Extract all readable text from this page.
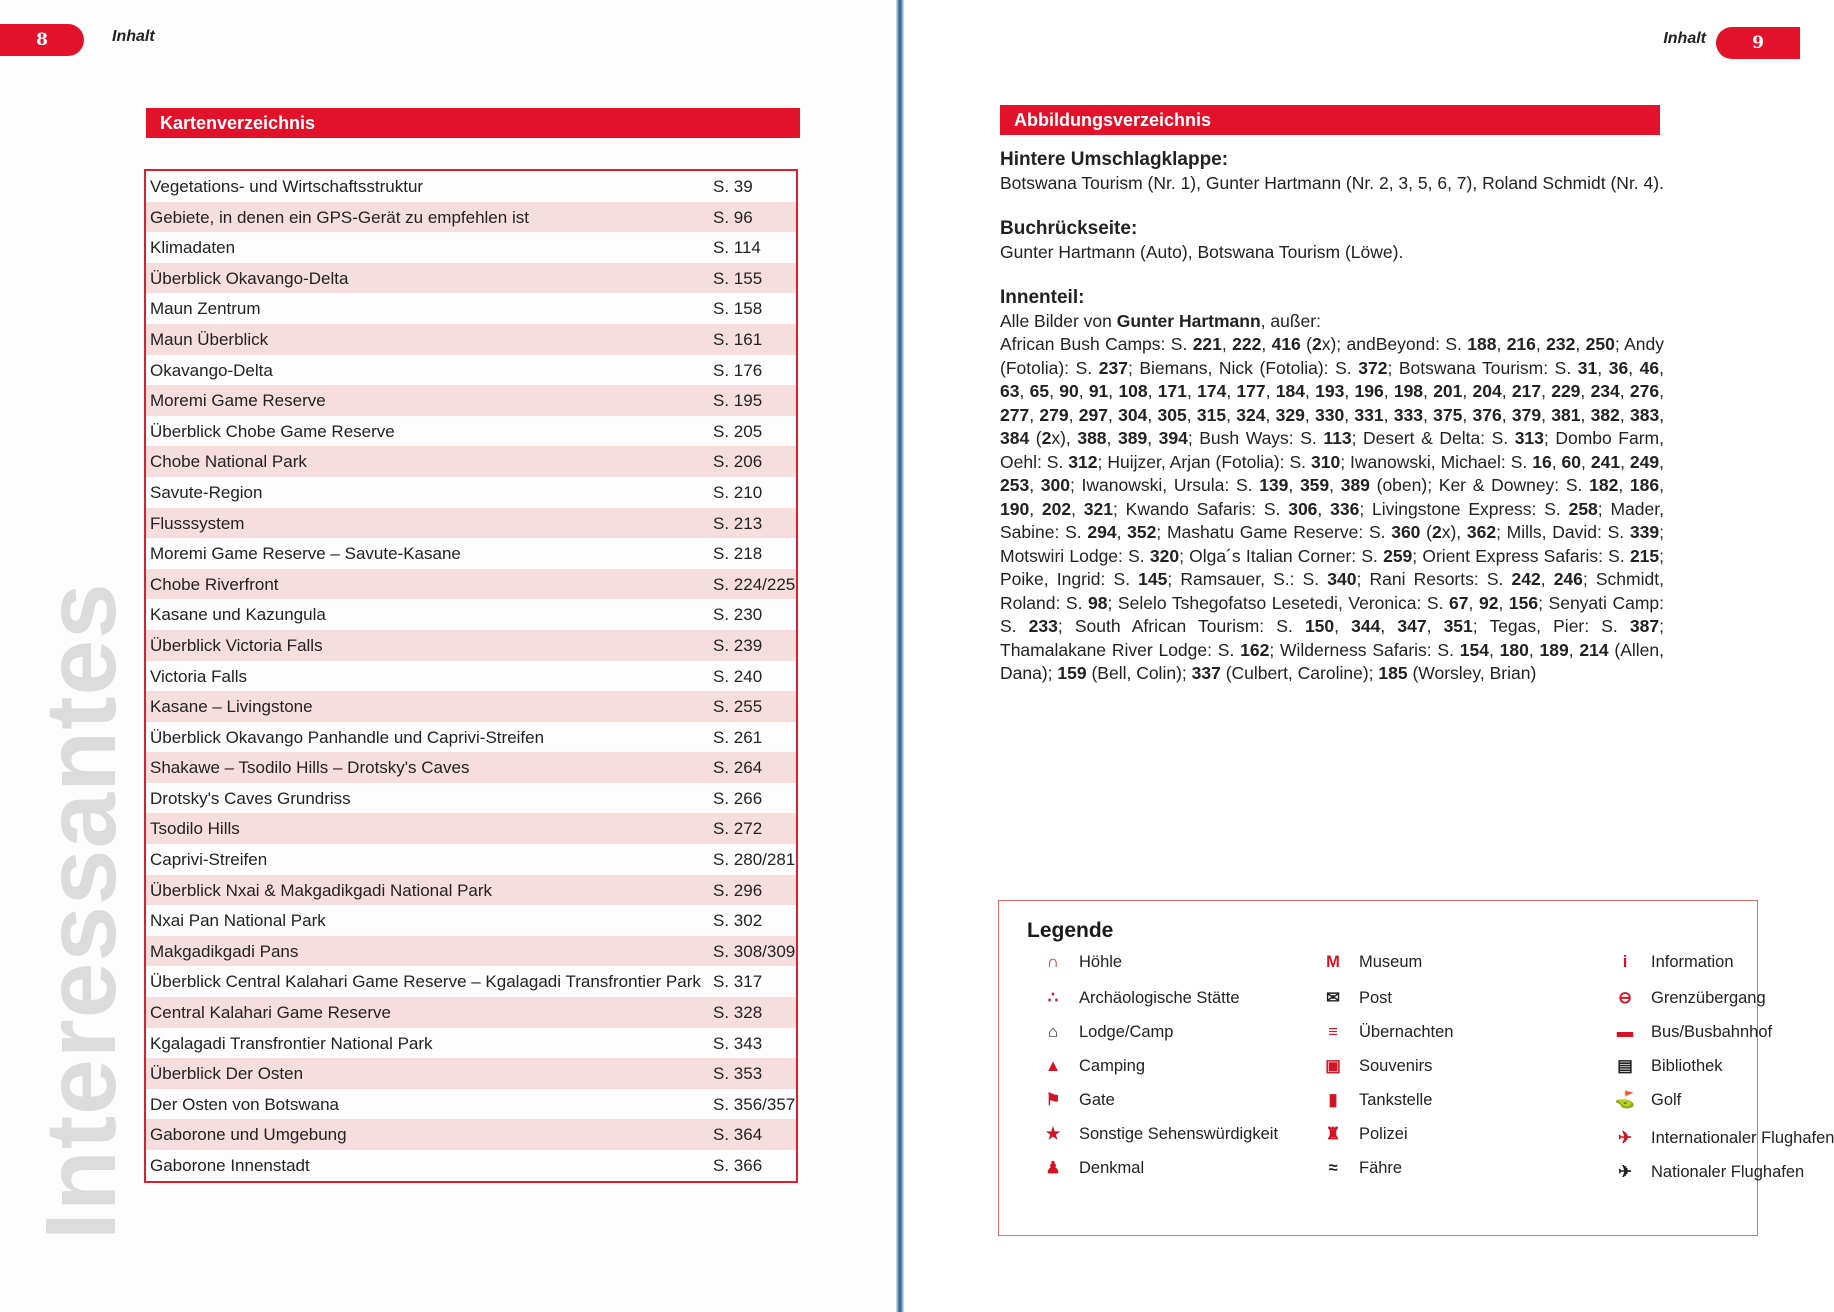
8	Inhalt
Kartenverzeichnis
Vegetations- und Wirtschaftsstruktur	S. 39
Gebiete, in denen ein GPS-Gerät zu empfehlen ist	S. 96
Klimadaten	S. 114
Überblick Okavango-Delta	S. 155
Maun Zentrum	S. 158
Maun Überblick	S. 161
Okavango-Delta	S. 176
Moremi Game Reserve	S. 195
Überblick Chobe Game Reserve	S. 205
Chobe National Park	S. 206
Savute-Region	S. 210
Flusssystem	S. 213
Moremi Game Reserve – Savute-Kasane	S. 218
Chobe Riverfront	S. 224/225
Kasane und Kazungula	S. 230
Überblick Victoria Falls	S. 239
Victoria Falls	S. 240
Kasane – Livingstone	S. 255
Überblick Okavango Panhandle und Caprivi-Streifen	S. 261
Shakawe – Tsodilo Hills – Drotsky's Caves	S. 264
Drotsky's Caves Grundriss	S. 266
Tsodilo Hills	S. 272
Caprivi-Streifen	S. 280/281
Überblick Nxai & Makgadikgadi National Park	S. 296
Nxai Pan National Park	S. 302
Makgadikgadi Pans	S. 308/309
Überblick Central Kalahari Game Reserve – Kgalagadi Transfrontier Park S. 317
Central Kalahari Game Reserve	S. 328
Kgalagadi Transfrontier National Park	S. 343
Überblick Der Osten	S. 353
Der Osten von Botswana	S. 356/357
Gaborone und Umgebung	S. 364
Gaborone Innenstadt	S. 366
Interessantes
9
Inhalt
Abbildungsverzeichnis

Hintere Umschlagklappe:

Botswana Tourism (Nr. 1), Gunter Hartmann (Nr. 2, 3, 5, 6, 7), Roland Schmidt (Nr. 4).

Buchrückseite:

Gunter Hartmann (Auto), Botswana Tourism (Löwe).

Innenteil:

Alle Bilder von Gunter Hartmann, außer:

African Bush Camps: S. 221, 222, 416 (2x); andBeyond: S. 188, 216, 232, 250; Andy (Fotolia): S. 237; Biemans, Nick (Fotolia): S. 372; Botswana Tourism: S. 31, 36, 46, 63, 65, 90, 91, 108, 171, 174, 177, 184, 193, 196, 198, 201, 204, 217, 229, 234, 276, 277, 279, 297, 304, 305, 315, 324, 329, 330, 331, 333, 375, 376, 379, 381, 382, 383, 384 (2x), 388, 389, 394; Bush Ways: S. 113; Desert & Delta: S. 313; Dombo Farm, Oehl: S. 312; Huijzer, Arjan (Fotolia): S. 310; Iwanowski, Michael: S. 16, 60, 241, 249, 253, 300; Iwanowski, Ursula: S. 139, 359, 389 (oben); Ker & Downey: S. 182, 186, 190, 202, 321; Kwando Safaris: S. 306, 336; Livingstone Express: S. 258; Mader, Sabine: S. 294, 352; Mashatu Game Reserve: S. 360 (2x), 362; Mills, David: S. 339; Motswiri Lodge: S. 320; Olga´s Italian Corner: S. 259; Orient Express Safaris: S. 215; Poike, Ingrid: S. 145; Ramsauer, S.: S. 340; Rani Resorts: S. 242, 246; Schmidt, Roland: S. 98; Selelo Tshegofatso Lesetedi, Veronica: S. 67, 92, 156; Senyati Camp: S. 233; South African Tourism: S. 150, 344, 347, 351; Tegas, Pier: S. 387; Thamalakane River Lodge: S. 162; Wilderness Safaris: S. 154, 180, 189, 214 (Allen, Dana); 159 (Bell, Colin); 337 (Culbert, Caroline); 185 (Worsley, Brian)

Legende
∩	Höhle
∴	Archäologische Stätte
⌂	Lodge/Camp
▲	Camping
⚑	Gate
★	Sonstige Sehenswürdigkeit
♟	Denkmal
M	Museum
✉	Post
≡	Übernachten
▣	Souvenirs
▮	Tankstelle
♜	Polizei
≈	Fähre
i	Information
⊖	Grenzübergang
▬	Bus/Busbahnhof
▤	Bibliothek
⛳ Golf
✈	Internationaler Flughafen
✈	Nationaler Flughafen
